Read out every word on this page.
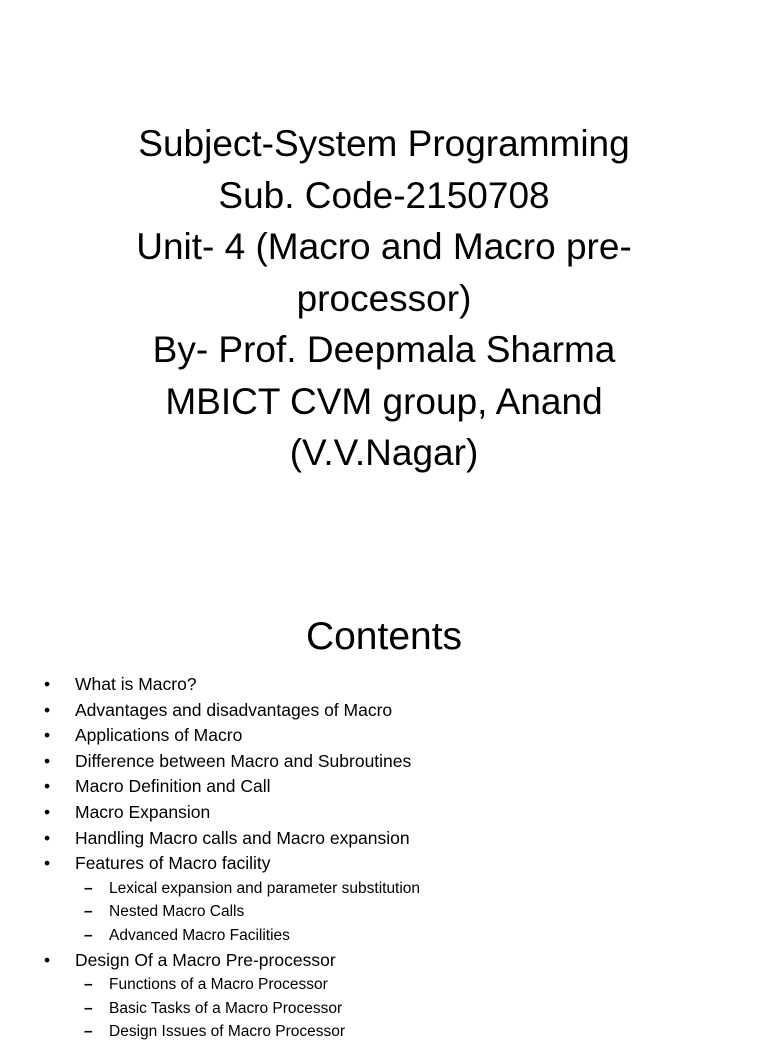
Subject-System Programming
Sub. Code-2150708
Unit- 4 (Macro and Macro pre-
processor)
By- Prof. Deepmala Sharma
MBICT CVM group, Anand
(V.V.Nagar)
Contents
•	What is Macro?
•	Advantages and disadvantages of Macro
•	Applications of Macro
•	Difference between Macro and Subroutines
•	Macro Definition and Call
•	Macro Expansion
•	Handling Macro calls and Macro expansion
•	Features of Macro facility
– Lexical expansion and parameter substitution
– Nested Macro Calls
– Advanced Macro Facilities
•	Design Of a Macro Pre-processor
– Functions of a Macro Processor
– Basic Tasks of a Macro Processor
– Design Issues of Macro Processor
